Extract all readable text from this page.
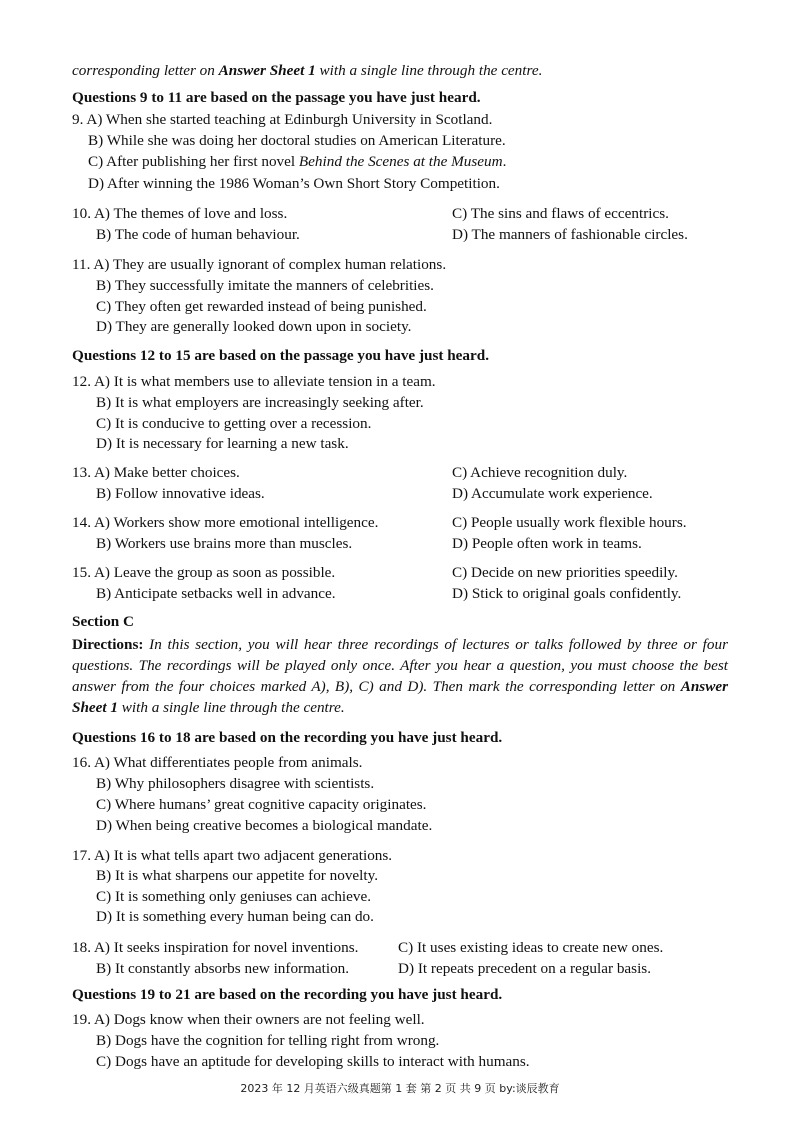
corresponding letter on Answer Sheet 1 with a single line through the centre.
Questions 9 to 11 are based on the passage you have just heard.
9. A) When she started teaching at Edinburgh University in Scotland.
B) While she was doing her doctoral studies on American Literature.
C) After publishing her first novel Behind the Scenes at the Museum.
D) After winning the 1986 Woman’s Own Short Story Competition.
10. A) The themes of love and loss.	C) The sins and flaws of eccentrics.
B) The code of human behaviour.	D) The manners of fashionable circles.
11. A) They are usually ignorant of complex human relations.
B) They successfully imitate the manners of celebrities.
C) They often get rewarded instead of being punished.
D) They are generally looked down upon in society.
Questions 12 to 15 are based on the passage you have just heard.
12. A) It is what members use to alleviate tension in a team.
B) It is what employers are increasingly seeking after.
C) It is conducive to getting over a recession.
D) It is necessary for learning a new task.
13. A) Make better choices.	C) Achieve recognition duly.
B) Follow innovative ideas.	D) Accumulate work experience.
14. A) Workers show more emotional intelligence.	C) People usually work flexible hours.
B) Workers use brains more than muscles.	D) People often work in teams.
15. A) Leave the group as soon as possible.	C) Decide on new priorities speedily.
B) Anticipate setbacks well in advance.	D) Stick to original goals confidently.
Section C
Directions: In this section, you will hear three recordings of lectures or talks followed by three or four questions. The recordings will be played only once. After you hear a question, you must choose the best answer from the four choices marked A), B), C) and D). Then mark the corresponding letter on Answer Sheet 1 with a single line through the centre.
Questions 16 to 18 are based on the recording you have just heard.
16. A) What differentiates people from animals.
B) Why philosophers disagree with scientists.
C) Where humans’ great cognitive capacity originates.
D) When being creative becomes a biological mandate.
17. A) It is what tells apart two adjacent generations.
B) It is what sharpens our appetite for novelty.
C) It is something only geniuses can achieve.
D) It is something every human being can do.
18. A) It seeks inspiration for novel inventions.	C) It uses existing ideas to create new ones.
B) It constantly absorbs new information.	D) It repeats precedent on a regular basis.
Questions 19 to 21 are based on the recording you have just heard.
19. A) Dogs know when their owners are not feeling well.
B) Dogs have the cognition for telling right from wrong.
C) Dogs have an aptitude for developing skills to interact with humans.
2023 年 12 月英语六级真题第 1 套 第 2 页 共 9 页 by:谈辰教育
